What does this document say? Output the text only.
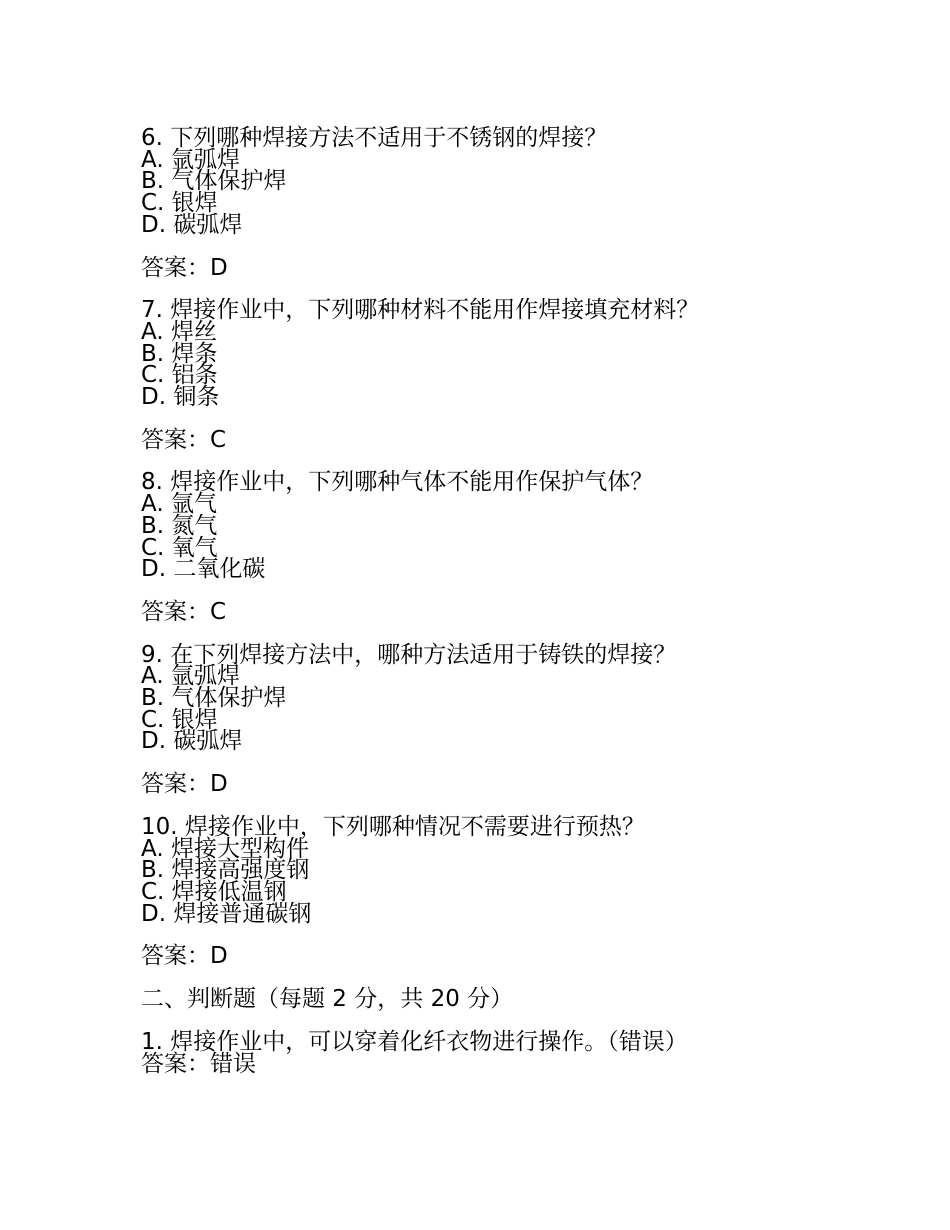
6. 下列哪种焊接方法不适用于不锈钢的焊接？
A. 氩弧焊
B. 气体保护焊
C. 银焊
D. 碳弧焊
答案：D
7. 焊接作业中，下列哪种材料不能用作焊接填充材料？
A. 焊丝
B. 焊条
C. 铝条
D. 铜条
答案：C
8. 焊接作业中，下列哪种气体不能用作保护气体？
A. 氩气
B. 氮气
C. 氧气
D. 二氧化碳
答案：C
9. 在下列焊接方法中，哪种方法适用于铸铁的焊接？
A. 氩弧焊
B. 气体保护焊
C. 银焊
D. 碳弧焊
答案：D
10. 焊接作业中，下列哪种情况不需要进行预热？
A. 焊接大型构件
B. 焊接高强度钢
C. 焊接低温钢
D. 焊接普通碳钢
答案：D
二、判断题（每题 2 分，共 20 分）
1. 焊接作业中，可以穿着化纤衣物进行操作。（错误）
答案：错误
